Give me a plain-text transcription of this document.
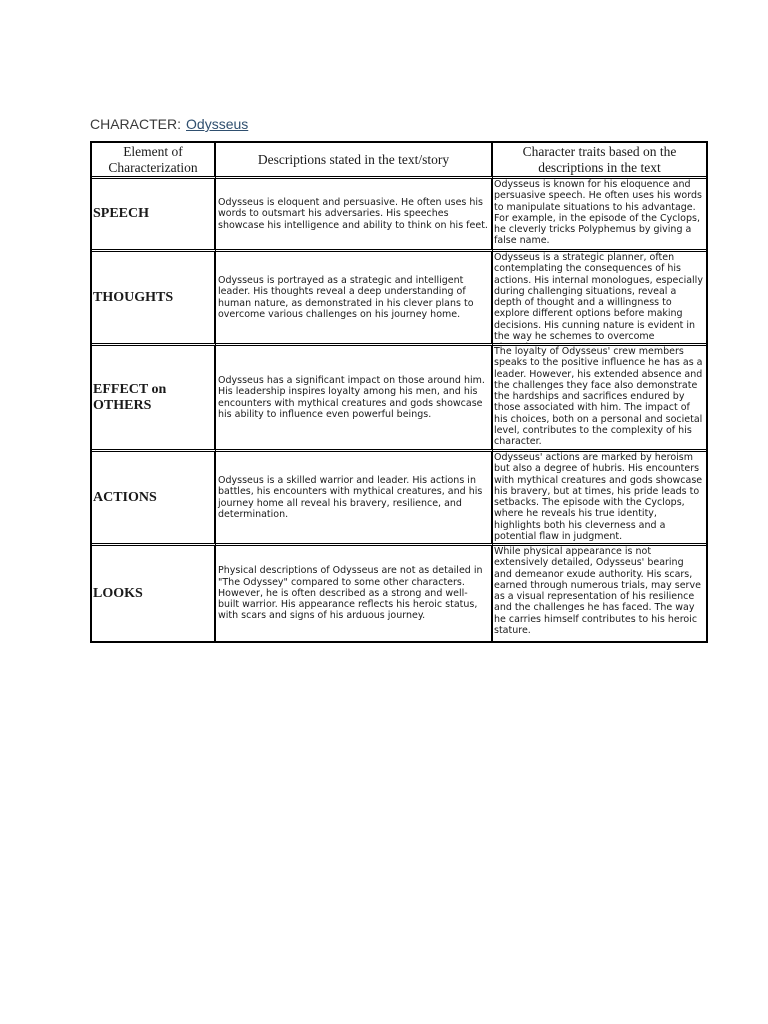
CHARACTER: Odysseus
Element of Characterization
Descriptions stated in the text/story
Character traits based on the descriptions in the text
SPEECH
Odysseus is eloquent and persuasive. He often uses his words to outsmart his adversaries. His speeches showcase his intelligence and ability to think on his feet.
Odysseus is known for his eloquence and persuasive speech. He often uses his words to manipulate situations to his advantage. For example, in the episode of the Cyclops, he cleverly tricks Polyphemus by giving a false name.
THOUGHTS
Odysseus is portrayed as a strategic and intelligent leader. His thoughts reveal a deep understanding of human nature, as demonstrated in his clever plans to overcome various challenges on his journey home.
Odysseus is a strategic planner, often contemplating the consequences of his actions. His internal monologues, especially during challenging situations, reveal a depth of thought and a willingness to explore different options before making decisions. His cunning nature is evident in the way he schemes to overcome
EFFECT on OTHERS
Odysseus has a significant impact on those around him. His leadership inspires loyalty among his men, and his encounters with mythical creatures and gods showcase his ability to influence even powerful beings.
The loyalty of Odysseus' crew members speaks to the positive influence he has as a leader. However, his extended absence and the challenges they face also demonstrate the hardships and sacrifices endured by those associated with him. The impact of his choices, both on a personal and societal level, contributes to the complexity of his character.
ACTIONS
Odysseus is a skilled warrior and leader. His actions in battles, his encounters with mythical creatures, and his journey home all reveal his bravery, resilience, and determination.
Odysseus' actions are marked by heroism but also a degree of hubris. His encounters with mythical creatures and gods showcase his bravery, but at times, his pride leads to setbacks. The episode with the Cyclops, where he reveals his true identity, highlights both his cleverness and a potential flaw in judgment.
LOOKS
Physical descriptions of Odysseus are not as detailed in "The Odyssey" compared to some other characters. However, he is often described as a strong and well-built warrior. His appearance reflects his heroic status, with scars and signs of his arduous journey.
While physical appearance is not extensively detailed, Odysseus' bearing and demeanor exude authority. His scars, earned through numerous trials, may serve as a visual representation of his resilience and the challenges he has faced. The way he carries himself contributes to his heroic stature.
